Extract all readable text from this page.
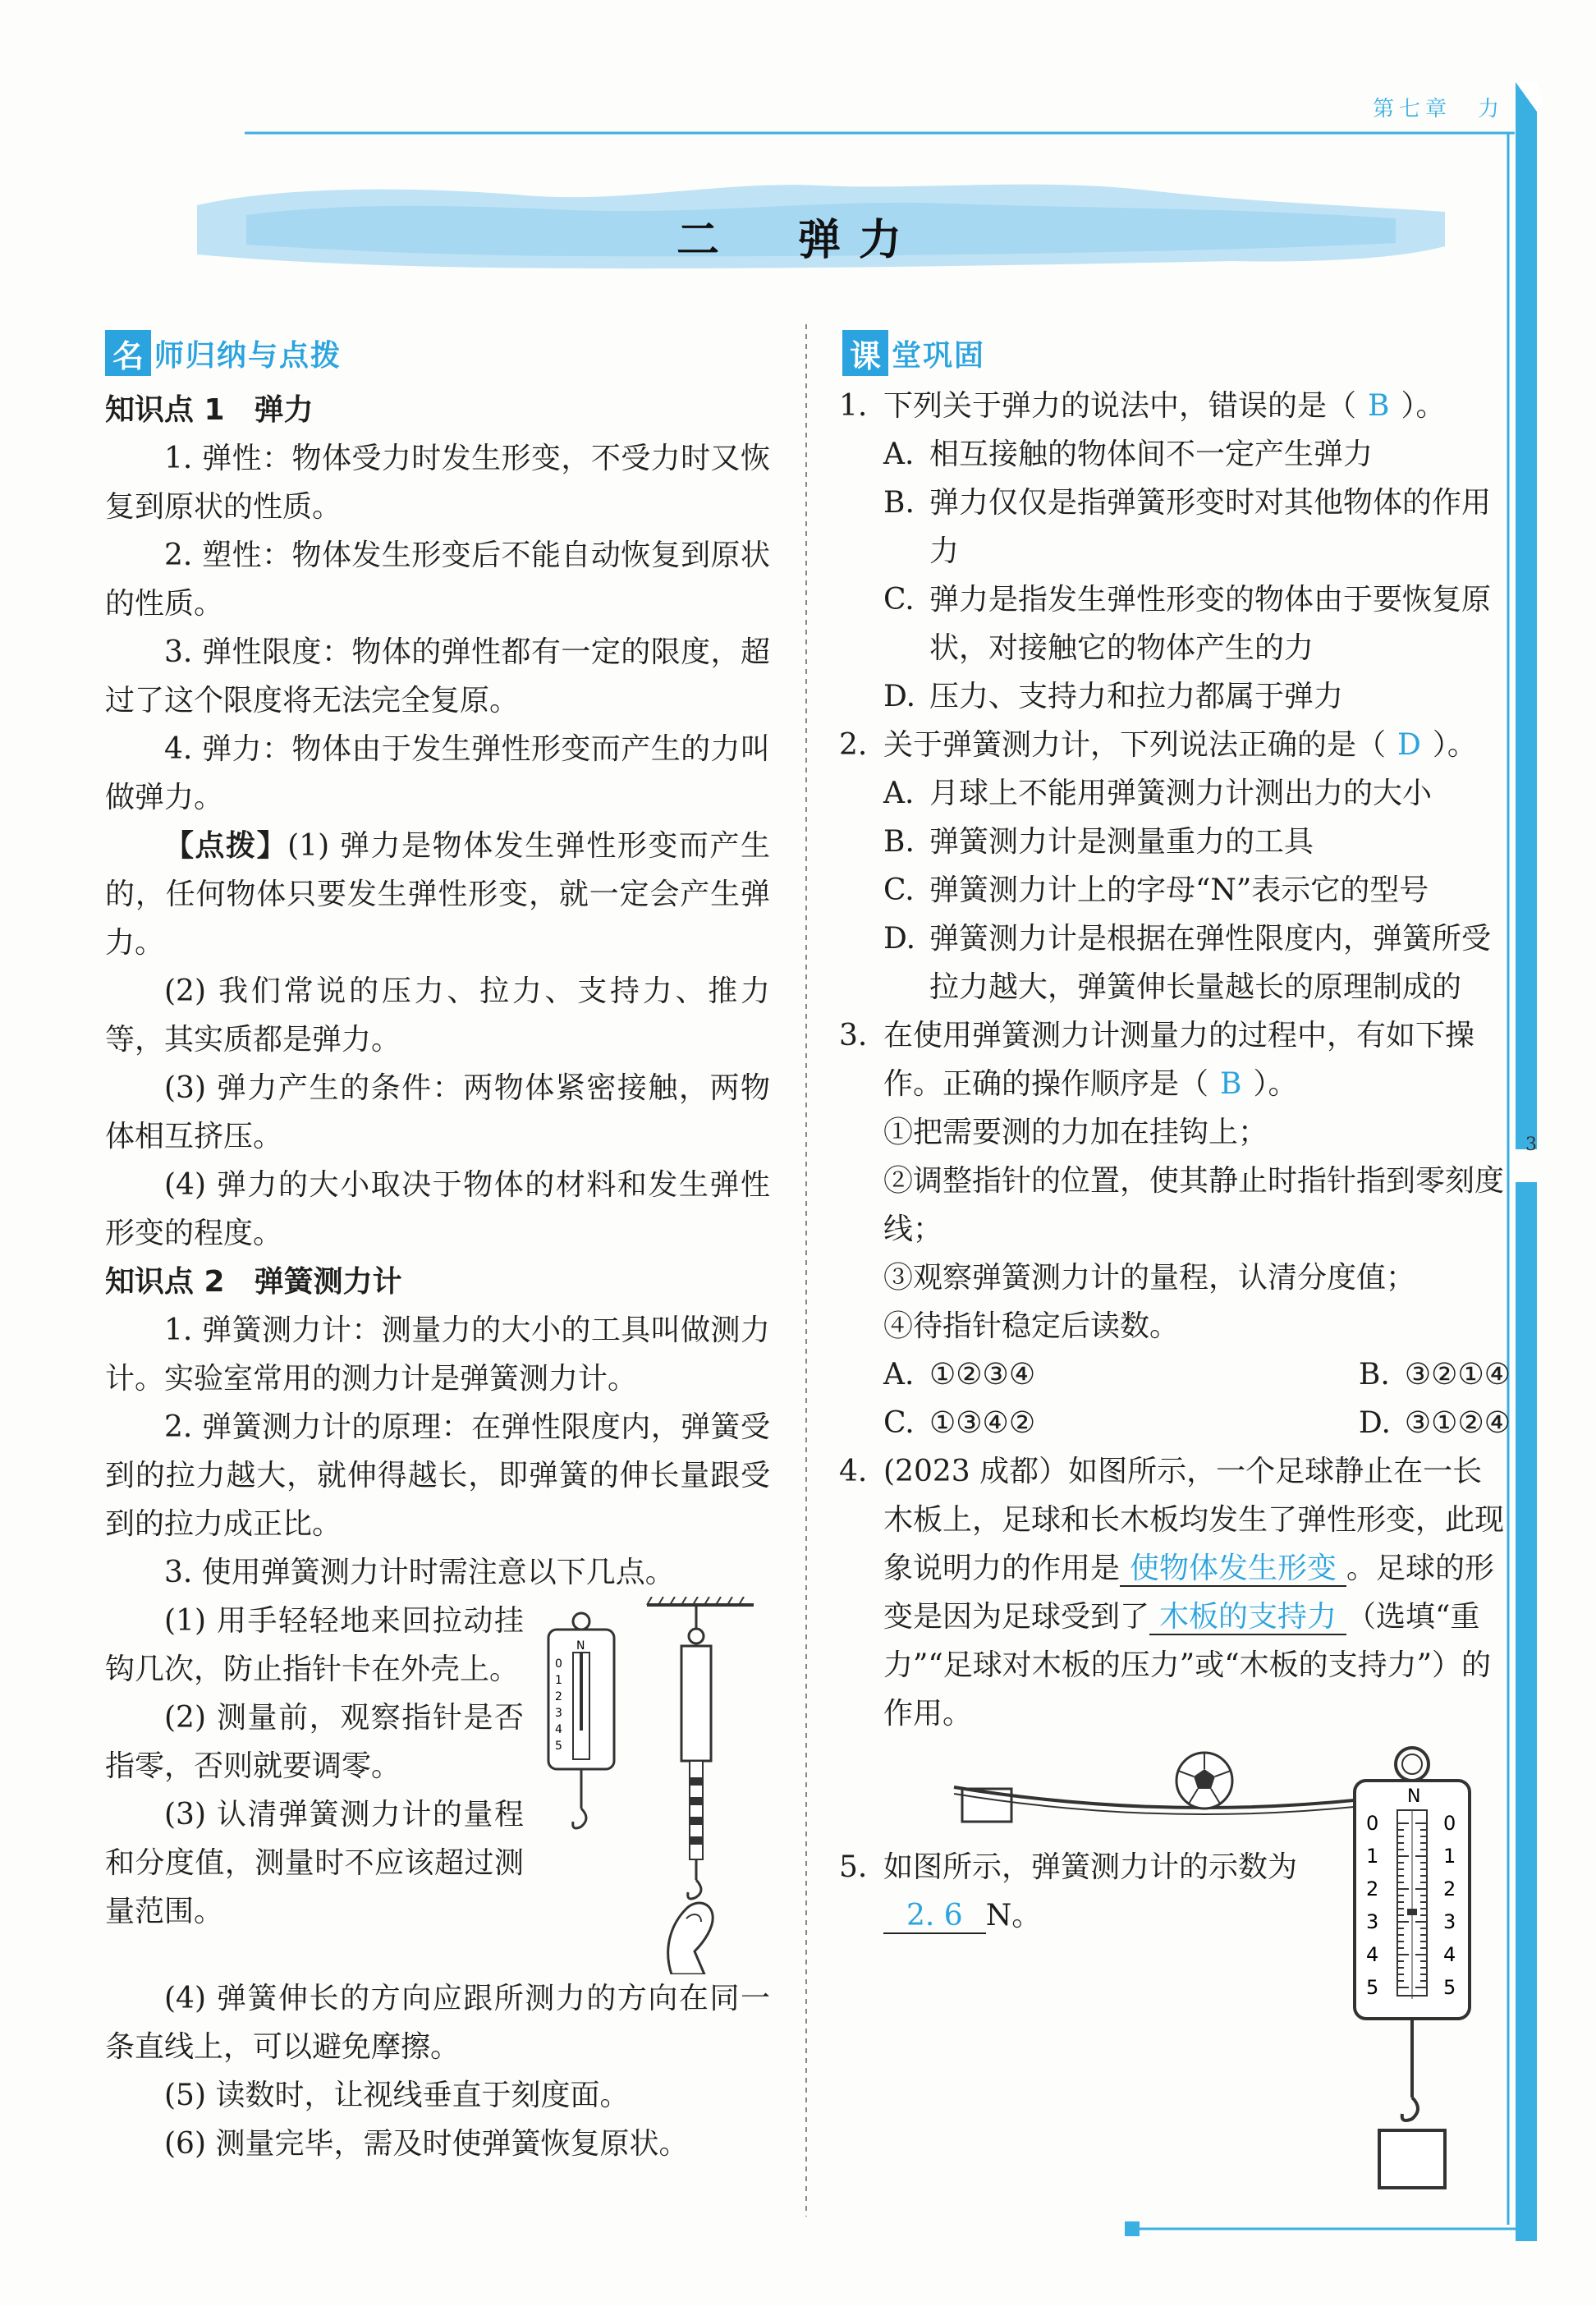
第七章　力
3
二　弹力
名 师归纳与点拨
知识点 1　弹力

1. 弹性：物体受力时发生形变，不受力时又恢复到原状的性质。

2. 塑性：物体发生形变后不能自动恢复到原状的性质。

3. 弹性限度：物体的弹性都有一定的限度，超过了这个限度将无法完全复原。

4. 弹力：物体由于发生弹性形变而产生的力叫做弹力。

【点拨】(1) 弹力是物体发生弹性形变而产生的，任何物体只要发生弹性形变，就一定会产生弹力。

(2) 我们常说的压力、拉力、支持力、推力等，其实质都是弹力。

(3) 弹力产生的条件：两物体紧密接触，两物体相互挤压。

(4) 弹力的大小取决于物体的材料和发生弹性形变的程度。

知识点 2　弹簧测力计

1. 弹簧测力计：测量力的大小的工具叫做测力计。实验室常用的测力计是弹簧测力计。

2. 弹簧测力计的原理：在弹性限度内，弹簧受到的拉力越大，就伸得越长，即弹簧的伸长量跟受到的拉力成正比。

3. 使用弹簧测力计时需注意以下几点。

(1) 用手轻轻地来回拉动挂钩几次，防止指针卡在外壳上。

(2) 测量前，观察指针是否指零，否则就要调零。

(3) 认清弹簧测力计的量程和分度值，测量时不应该超过测量范围。

N
0
1
2
3
4
5

(4) 弹簧伸长的方向应跟所测力的方向在同一条直线上，可以避免摩擦。

(5) 读数时，让视线垂直于刻度面。

(6) 测量完毕，需及时使弹簧恢复原状。

课 堂巩固
1. 下列关于弹力的说法中，错误的是（ B ）。
A. 相互接触的物体间不一定产生弹力
B. 弹力仅仅是指弹簧形变时对其他物体的作用力
C. 弹力是指发生弹性形变的物体由于要恢复原状，对接触它的物体产生的力
D. 压力、支持力和拉力都属于弹力
2. 关于弹簧测力计，下列说法正确的是（ D ）。
A. 月球上不能用弹簧测力计测出力的大小
B. 弹簧测力计是测量重力的工具
C. 弹簧测力计上的字母“N”表示它的型号
D. 弹簧测力计是根据在弹性限度内，弹簧所受拉力越大，弹簧伸长量越长的原理制成的
3. 在使用弹簧测力计测量力的过程中，有如下操作。正确的操作顺序是（ B ）。
①把需要测的力加在挂钩上；
②调整指针的位置，使其静止时指针指到零刻度线；
③观察弹簧测力计的量程，认清分度值；
④待指针稳定后读数。
A. ①②③④	B. ③②①④
C. ①③④②	D. ③①②④
4. (2023 成都）如图所示，一个足球静止在一长木板上，足球和长木板均发生了弹性形变，此现象说明力的作用是 使物体发生形变 。足球的形变是因为足球受到了 木板的支持力 （选填“重力”“足球对木板的压力”或“木板的支持力”）的作用。
5. 如图所示，弹簧测力计的示数为2. 6 N。
N
0
1
2
3
4
5
0
1
2
3
4
5
